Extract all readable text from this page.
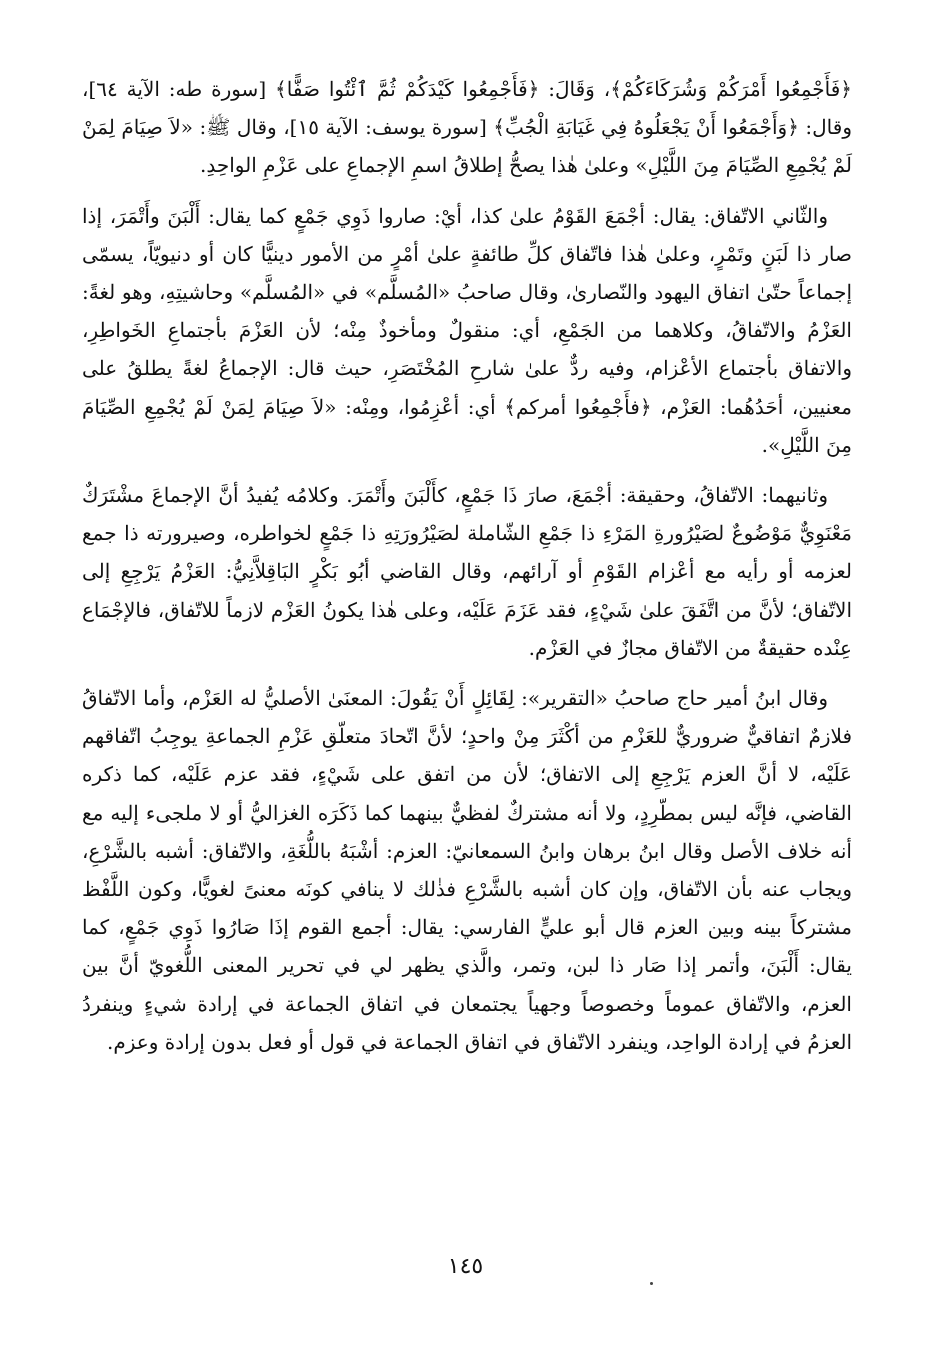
﴿فَأَجْمِعُوا أَمْرَكُمْ وَشُرَكَاءَكُمْ﴾، وَقَالَ: ﴿فَأَجْمِعُوا كَيْدَكُمْ ثُمَّ ٱئْتُوا صَفًّا﴾ [سورة طه: الآية ٦٤]، وقال: ﴿وَأَجْمَعُوا أَنْ يَجْعَلُوهُ فِي غَيَابَةِ الْجُبِّ﴾ [سورة يوسف: الآية ١٥]، وقال ﷺ: «لاَ صِيَامَ لِمَنْ لَمْ يُجْمِعِ الصِّيَامَ مِنَ اللَّيْلِ» وعلىٰ هٰذا يصحُّ إطلاقُ اسمِ الإجماعِ على عَزْمِ الواحِدِ.

والثّاني الاتّفاق: يقال: أجْمَعَ القَوْمُ علىٰ كذا، أيْ: صاروا ذَوِي جَمْعٍ كما يقال: أَلْبَنَ وأَتْمَرَ، إذا صار ذا لَبَنٍ وتَمْرٍ، وعلىٰ هٰذا فاتّفاق كلِّ طائفةٍ علىٰ أمْرٍ من الأمور دينيًّا كان أو دنيويّاً، يسمّى إجماعاً حتّىٰ اتفاق اليهود والنّصارىٰ، وقال صاحبُ «المُسلَّم» في «المُسلَّم» وحاشيتِهِ، وهو لغةً: العَزْمُ والاتّفاقُ، وكلاهما من الجَمْعِ، أي: منقولٌ ومأخوذٌ مِنْه؛ لأن العَزْمَ بأجتماعِ الخَواطِرِ، والاتفاق بأجتماع الأعْزام، وفيه ردٌّ علىٰ شارحِ المُخْتَصَرِ، حيث قال: الإجماعُ لغةً يطلقُ على معنيين، أحَدُهُما: العَزْم، ﴿فأَجْمِعُوا أمركم﴾ أي: أعْزِمُوا، ومِنْه: «لاَ صِيَامَ لِمَنْ لَمْ يُجْمِعِ الصِّيَامَ مِنَ اللَّيْلِ».

وثانيهما: الاتّفاقُ، وحقيقة: أجْمَعَ، صارَ ذَا جَمْعٍ، كأَلْبَنَ وأَتْمَرَ. وكلامُه يُفيدُ أنَّ الإجماعَ مشْتَرَكٌ مَعْنَوِيٌّ مَوْضُوعٌ لصَيْرُورةِ المَرْءِ ذا جَمْعِ الشّاملة لصَيْرُورَتِهِ ذا جَمْعٍ لخواطره، وصيرورته ذا جمع لعزمه أو رأيه مع أعْزام القَوْمِ أو آرائهم، وقال القاضي أبُو بَكْرٍ البَاقِلاَّنِيُّ: العَزْمُ يَرْجِعِ إلى الاتّفاق؛ لأنَّ من اتَّفَقَ علىٰ شَيْءٍ، فقد عَزَمَ عَلَيْه، وعلى هٰذا يكونُ العَزْم لازماً للاتّفاق، فالإجْمَاع عِنْده حقيقةٌ من الاتّفاق مجازٌ في العَزْم.

وقال ابنُ أمير حاج صاحبُ «التقرير»: لِقَائِلٍ أَنْ يَقُولَ: المعنَىٰ الأصليُّ له العَزْم، وأما الاتّفاقُ فلازمٌ اتفاقيٌّ ضروريٌّ للعَزْمِ من أكْثَرَ مِنْ واحدٍ؛ لأنَّ اتّحادَ متعلّقِ عَزْمِ الجماعةِ يوجِبُ اتّفاقهم عَلَيْه، لا أنَّ العزم يَرْجِعِ إلى الاتفاق؛ لأن من اتفق على شَيْءٍ، فقد عزم عَلَيْه، كما ذكره القاضي، فإنَّه ليس بمطّرِدٍ، ولا أنه مشتركٌ لفظيٌّ بينهما كما ذَكَرَه الغزاليُّ أو لا ملجىء إليه مع أنه خلاف الأصل وقال ابنُ برهان وابنُ السمعانيّ: العزم: أشْبَهُ باللُّغَةِ، والاتّفاق: أشبه بالشَّرْعِ، ويجاب عنه بأن الاتّفاق، وإن كان أشبه بالشَّرْعِ فذٰلك لا ينافي كونَه معنىً لغويًّا، وكون اللَّفْظ مشتركاً بينه وبين العزم قال أبو عليٍّ الفارسي: يقال: أجمع القوم إذَا صَارُوا ذَوِي جَمْعٍ، كما يقال: أَلْبَنَ، وأتمر إذا صَار ذا لبن، وتمر، والَّذي يظهر لي في تحرير المعنى اللُّغويّ أنَّ بين العزم، والاتّفاق عموماً وخصوصاً وجهياً يجتمعان في اتفاق الجماعة في إرادة شيءٍ وينفردُ العزمُ في إرادة الواحِد، وينفرد الاتّفاق في اتفاق الجماعة في قول أو فعل بدون إرادة وعزم.

١٤٥
